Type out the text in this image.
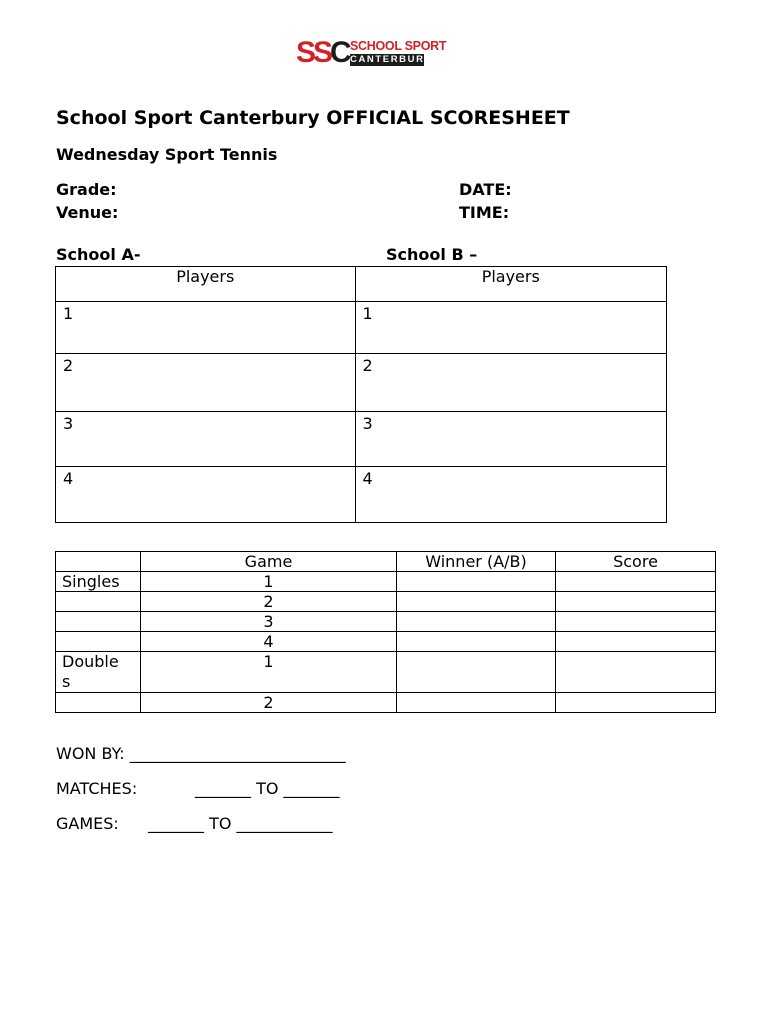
SSC SCHOOL SPORT
CANTERBURY
School Sport Canterbury OFFICIAL SCORESHEET
Wednesday Sport Tennis
Grade:
Venue:
DATE:
TIME:
School A-	School B –
Players	Players
1	1
2	2
3	3
4	4
	Game	Winner (A/B)	Score
Singles	1		
	2		
	3		
	4		
Double
s	1		
	2		
WON BY: ___________________________
MATCHES:	_______ TO _______
GAMES: _______ TO ____________
